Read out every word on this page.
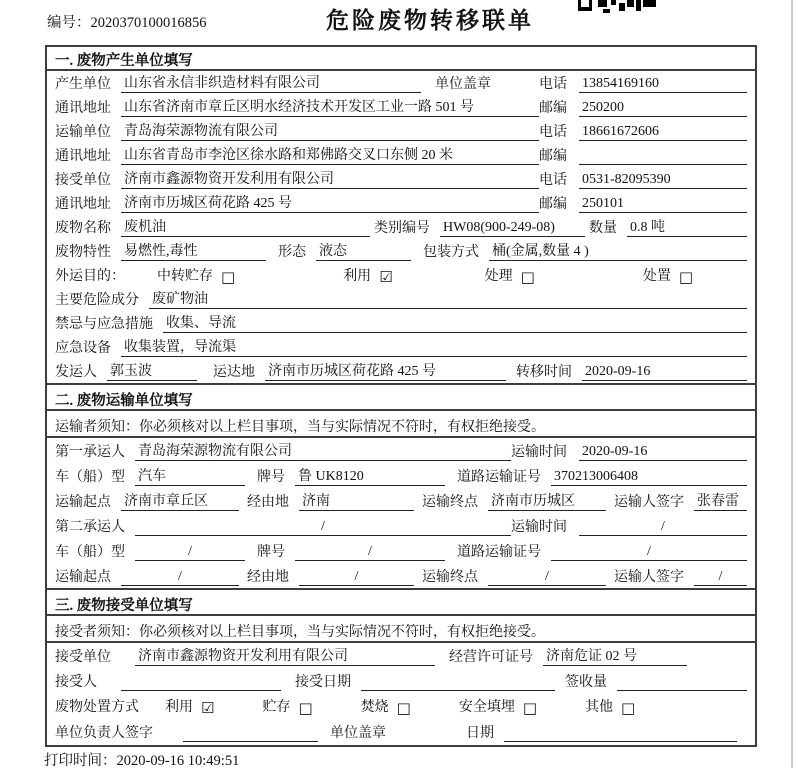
编号：2020370100016856	危险废物转移联单
一. 废物产生单位填写
产生单位 山东省永信非织造材料有限公司	单位盖章	电话 13854169160
通讯地址 山东省济南市章丘区明水经济技术开发区工业一路 501 号	邮编 250200
运输单位 青岛海荣源物流有限公司	电话 18661672606
通讯地址 山东省青岛市李沧区徐水路和郑佛路交叉口东侧 20 米	邮编
接受单位 济南市鑫源物资开发利用有限公司	电话 0531-82095390
通讯地址 济南市历城区荷花路 425 号	邮编 250101
废物名称 废机油	类别编号 HW08(900-249-08)	数量 0.8 吨
废物特性 易燃性,毒性	形态 液态	包装方式 桶(金属,数量 4 )
外运目的： 中转贮存 □	利用 ☑	处理 □	处置 □
主要危险成分 废矿物油
禁忌与应急措施 收集、导流
应急设备 收集装置，导流渠
发运人 郭玉波	运达地 济南市历城区荷花路 425 号	转移时间 2020-09-16
二. 废物运输单位填写
运输者须知：你必须核对以上栏目事项，当与实际情况不符时，有权拒绝接受。
第一承运人 青岛海荣源物流有限公司	运输时间 2020-09-16
车（船）型 汽车	牌号 鲁 UK8120	道路运输证号 370213006408
运输起点 济南市章丘区	经由地 济南	运输终点 济南市历城区	运输人签字 张春雷
第二承运人	/	运输时间	/
车（船）型	/	牌号	/	道路运输证号	/
运输起点	/	经由地	/	运输终点	/	运输人签字	/
三. 废物接受单位填写
接受者须知：你必须核对以上栏目事项，当与实际情况不符时，有权拒绝接受。
接受单位 济南市鑫源物资开发利用有限公司	经营许可证号 济南危证 02 号
接受人	接受日期	签收量
废物处置方式 利用 ☑	贮存 □	焚烧 □	安全填埋 □	其他 □
单位负责人签字	单位盖章	日期
打印时间：2020-09-16 10:49:51
